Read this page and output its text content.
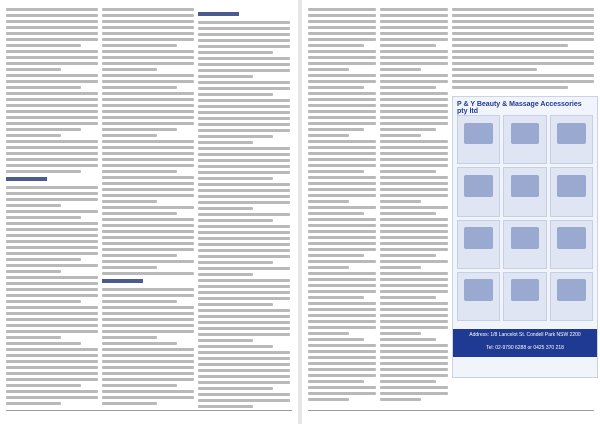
P & Y Beauty & Massage Accessories pty ltd
Address: 1/8 Lancelot St. Condell Park NSW 2200
Tel: 02-9790 6288 or 0425 370 218
